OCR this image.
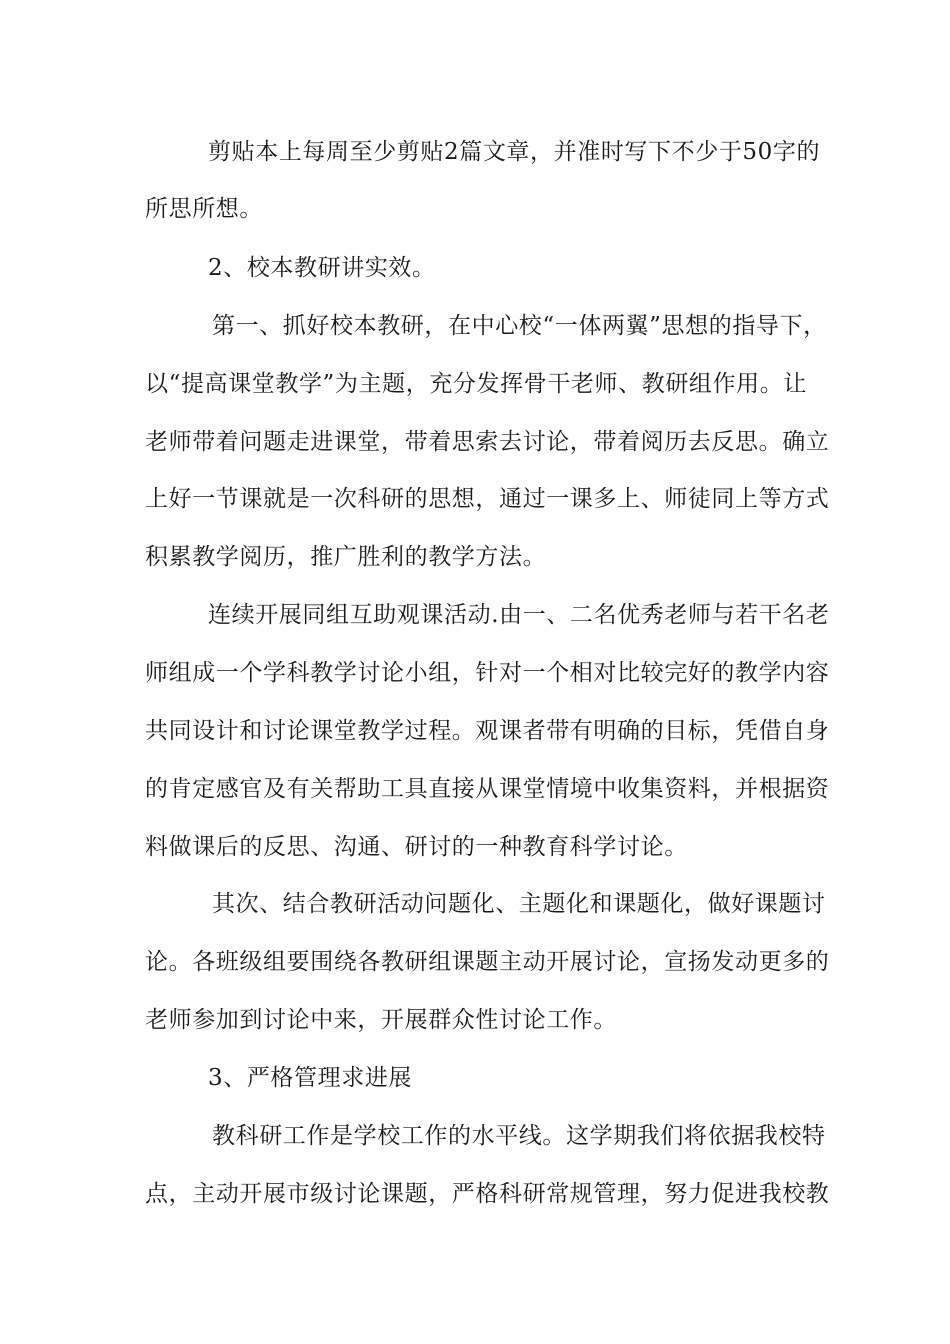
剪贴本上每周至少剪贴2篇文章，并准时写下不少于50字的
所思所想。
2、校本教研讲实效。
第一、抓好校本教研，在中心校“一体两翼”思想的指导下，
以“提高课堂教学”为主题，充分发挥骨干老师、教研组作用。让
老师带着问题走进课堂，带着思索去讨论，带着阅历去反思。确立
上好一节课就是一次科研的思想，通过一课多上、师徒同上等方式
积累教学阅历，推广胜利的教学方法。
连续开展同组互助观课活动.由一、二名优秀老师与若干名老
师组成一个学科教学讨论小组，针对一个相对比较完好的教学内容
共同设计和讨论课堂教学过程。观课者带有明确的目标，凭借自身
的肯定感官及有关帮助工具直接从课堂情境中收集资料，并根据资
料做课后的反思、沟通、研讨的一种教育科学讨论。
其次、结合教研活动问题化、主题化和课题化，做好课题讨
论。各班级组要围绕各教研组课题主动开展讨论，宣扬发动更多的
老师参加到讨论中来，开展群众性讨论工作。
3、严格管理求进展
教科研工作是学校工作的水平线。这学期我们将依据我校特
点，主动开展市级讨论课题，严格科研常规管理，努力促进我校教
